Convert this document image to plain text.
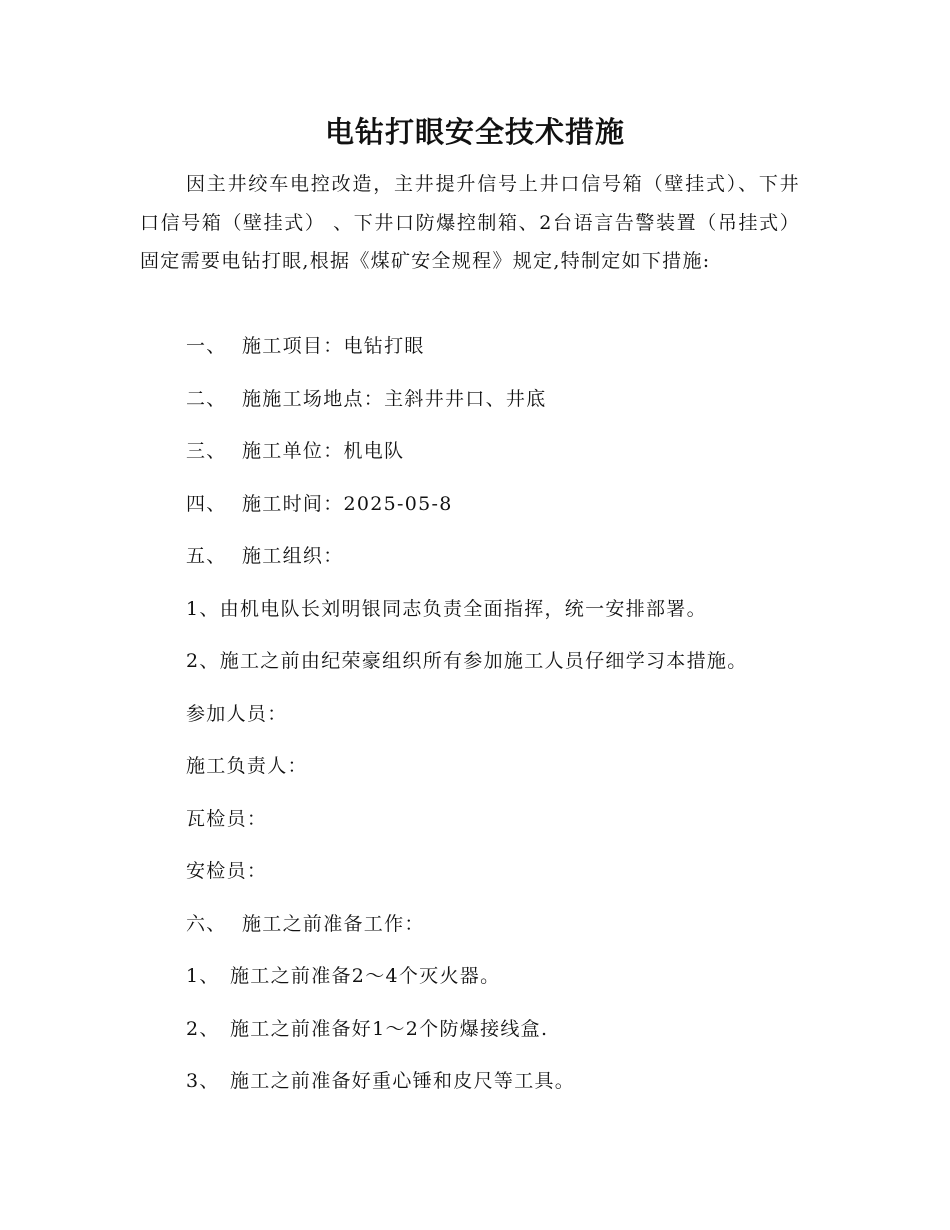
电钻打眼安全技术措施
因主井绞车电控改造，主井提升信号上井口信号箱（壁挂式）、下井口信号箱（壁挂式） 、下井口防爆控制箱、2台语言告警装置（吊挂式）固定需要电钻打眼,根据《煤矿安全规程》规定,特制定如下措施:
一、 施工项目：电钻打眼
二、 施施工场地点：主斜井井口、井底
三、 施工单位：机电队
四、 施工时间：2025-05-8
五、 施工组织：
1、由机电队长刘明银同志负责全面指挥，统一安排部署。
2、施工之前由纪荣豪组织所有参加施工人员仔细学习本措施。
参加人员：
施工负责人：
瓦检员：
安检员：
六、 施工之前准备工作：
1、 施工之前准备2～4个灭火器。
2、 施工之前准备好1～2个防爆接线盒.
3、 施工之前准备好重心锤和皮尺等工具。
